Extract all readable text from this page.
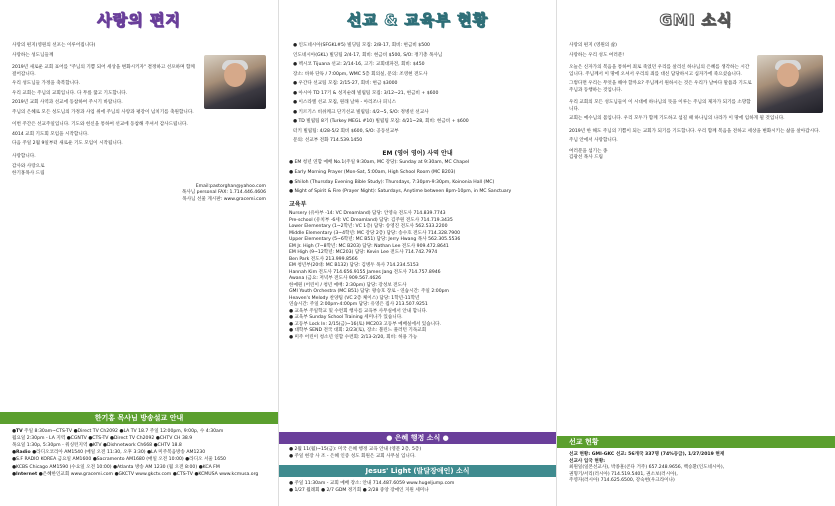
사랑의 편지

사랑의 편지(영원의 선포는 이루어집니다)

사랑하는 성도님들께

2019년 새로운 교회 표어를 "주님의 기쁨 되어 세상을 변화시키자" 결정하고 선포하며 함께 걸어갑니다.

우리 성도님들 가정을 축복합니다.

우리 교회는 주님의 교회입니다. 다 무릎 꿇고 기도합니다.

2019년 교회 사역과 선교에 동참하여 주시기 바랍니다.

주님의 은혜로 모든 성도님의 가정과 사업 위에 주님의 사랑과 평강이 넘치기를 축원합니다.

이번 주간은 선교주일입니다. 기도와 헌신을 통하여 선교에 동참해 주셔서 감사드립니다.

4014 교회 기도회 모임을 시작합니다.

다음 주일 2월 9일부터 새로운 기도 모임이 시작됩니다.

사랑합니다.

감사와 사랑으로
한기홍목사 드림
Email:pastorghan@yahoo.com
목사님 personal FAX: 1.714.446.4606
목사님 선물 게시판: www.gracemi.com
한기홍 목사님 방송설교 안내
●TV 주일 8:30am~CTS-TV ●Direct TV Ch2092 ●LA TV 18.7 주일 12:00pm, 9:00p, 수 4:30am
월요일 2:30pm - LA 지역 ●CGNTV ●CTS-TV ●Direct TV Ch2092 ●CHTV CH 38.9
목요일 1:30p, 5:30pm - 워싱턴지역 ●KTV ●Dishnetwork Ch668 ●CHTV 18.8
●Radio ●라디오코리아 AM1540 (매일 오전 11:30, 오후 3:30) ●LA 미주복음방송 AM1230
●S.F RADIO KOREA 금요일 AM1600 ●Sacramento AM1680 (매일 오전 10:00) ●라디오 서울 1650
●KCBS Chicago AM1590 (수요일 오전 10:00) ●Atlanta 방송 AM 1230 (월 오전 8:00) ●KCA FM
●Internet ●은혜한인교회 www.gracemi.com ●GKCTV www.gkctv.com ●CTS-TV ●KCMUSA www.kcmusa.org
선교 & 교육부 현황

● 인도네시아(SFGKL#5) 빌딩팀 모집: 2/8-17, 회비: 현금비 $500

인도네시아(GKL) 빌딩팀 2/4-17, 회비: 현금비 $500, S/O: 정기총 목사님

● 멕시코 Tijuana 선교: 2/14-16, 고기: 교회대파견, 회비: $450

장소: 바하 단독 / 7:00pm, WMC 5층 회의실, 문의: 조영현 전도사

● 우간다 선교팀 모집: 2/15-27, 회비: 현금 $3000

● 아시아 TD 17기 & 성지순례 빌립팀 모집: 3/12~21, 현금비 + $600

● 이스라엘 선교 모집, 원래 날짜 - 아리조나 피닉스

● 키르기스 비쉬케크 단기선교 빌립팀: 4/2~5, S/O: 정병선 선교사

● TD 빌립팀 8기 (Turkey MEGL #10) 빌립팀 모집: 4/21~28, 회비: 현금비 + $600

터키 빌립팀: 4/28-5/2 회비 $600, S/O: 공동선교부

문의: 선교부 전화 714.539.1450

EM (영어 영어) 사역 안내

● EM 청년 연합 예배 No.1(주일 9:30am, MC 강당): Sunday at 9:30am, MC Chapel

● Early Morning Prayer (Mon-Sat, 5:00am, High School Room (MC B203)

● Shiloh (Thursday Evening Bible Study): Thursdays, 7:30pm-9:30pm, Koinonia Hall (MC)

● Night of Spirit & Fire (Prayer Night): Saturdays, Anytime between 8pm-10pm, in MC Sanctuary

교육부
Nursery (유아부 -14: VC Dreamland) 담당: 안영숙 전도사 714.839.7743
Pre-school (유치부 -6세: VC Dreamland) 담당: 김주원 전도사 714.719.3435
Lower Elementary (1~2학년: VC 1층) 담당: 송영진 전도사 562.533.2200
Middle Elementary (3~4학년: MC 강당 2층) 담당: 송수호 전도사 714.328.7900
Upper Elementary (5~6학년: MC B51) 담당: Jerry Hwang 목사 562.305.5536
EM Jr. High (7~8학년: MC B203) 담당: Nathan Lee 전도사 909.472.8641
EM High (9~12학년: MC203) 담당: Kevin Lee 전도사 714.742.7974
Ben Park 전도사 213.999.8566
EM 청년부(20대: MC B132) 담당: 김병두 목사 714.234.5153
Hannah Kim 전도사 714.656.9155 James Jang 전도사 714.757.8946
Awana (금요: 저녁부 전도사 909.567.4626
한예원 (어린이 / 청년 예배: 2:30pm) 담당: 강성보 전도사
GMI Youth Orchestra (MC B51) 담당: 왕승호 장로 - 연습시간: 주일 2:00pm
Heaven's Melody 찬양팀 (VC 2층 체이스) 담당: 1학년-11학년
연습시간: 주일 2:00pm-4:00pm 담당: 유영은 집사 213.507.9251
● 교육부 주일학교 및 수련회 행사를 교육부 사무실에서 안내 합니다.
● 교육부 Sunday School Training 세미나가 있습니다.
● 고등부 Lock In: 2/15(금)~16(토) MC203 고등부 예배실에서 있습니다.
● 대학부 SEND 전국 대회: 2/23(토), 장소: 볼린느 풀러턴 기독교회
● 미주 어린이 청소년 연합 수련회: 2/13-2/20, 회비: 허용 가능
● 은혜 행정 소식 ●
● 2월 11(월)~15(금): 미국 은혜 행정 교육 안내 (영문 2층, 5층)
● 주일 현장 사 조 - 은혜 인증 성도 회원은 교회 사무실 입니다.
Jesus' Light (발달장애인) 소식
● 주일 11:30am - 교회 예배 장소: 안내 714.487.6059 www.hugeljump.com
● 1/27 월례회 ● 2/7 GDM 정기회 ● 2/28 중앙 장애인 지원 세미나
GMI 소식

사랑의 편지 (영원의 삶)

사랑하는 우리 성도 여러분!

오늘은 신자가의 복음을 통하여 죄로 죽었던 우리를 살리신 하나님의 은혜를 생각하는 시간입니다. 주님께서 이 땅에 오셔서 우리의 죄를 대신 담당하시고 십자가에 죽으셨습니다.

그렇다면 우리는 무엇을 해야 할까요? 주님께서 원하시는 것은 우리가 날마다 말씀과 기도로 주님과 동행하는 것입니다.

우리 교회의 모든 성도님들이 이 시대에 하나님의 뜻을 이루는 주님의 제자가 되기를 소망합니다.

교회는 예수님의 몸입니다. 우리 모두가 함께 기도하고 섬길 때 하나님의 나라가 이 땅에 임하게 될 것입니다.

2019년 한 해도 주님의 기쁨이 되는 교회가 되기를 기도합니다. 우리 함께 복음을 전하고 세상을 변화시키는 삶을 살아갑시다.

주님 안에서 사랑합니다.

여러분을 섬기는 종
김광선 목사 드림
선교 현황
선교 현황: GMI-GKC 선교: 56개국 337명 (74%등급), 1/27/2019 현재
선교사 입국 현황:
최원일(일본선교사), 박종훈(콘다 거주) 657.248.9656, 백승환(인도네시아),
권형기/서리(러시아) 714.519.5401, 권소보(러시아),
주영자(러시아) 714.625.6500, 강숙현(우크라이나)
